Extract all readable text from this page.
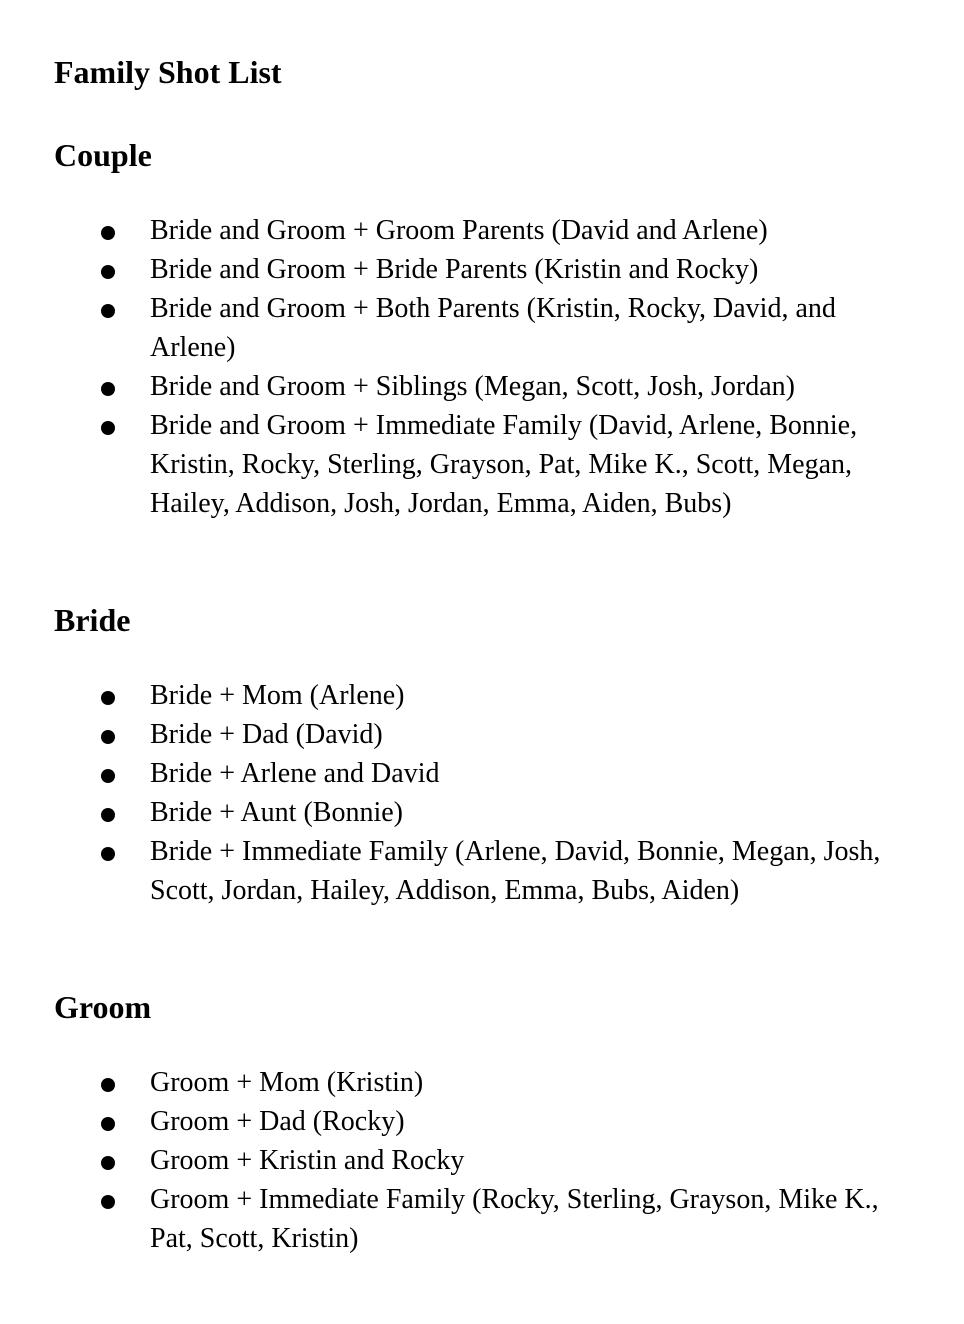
Family Shot List
Couple
Bride and Groom + Groom Parents (David and Arlene)
Bride and Groom + Bride Parents (Kristin and Rocky)
Bride and Groom + Both Parents (Kristin, Rocky, David, and Arlene)
Bride and Groom + Siblings (Megan, Scott, Josh, Jordan)
Bride and Groom + Immediate Family (David, Arlene, Bonnie, Kristin, Rocky, Sterling, Grayson, Pat, Mike K., Scott, Megan, Hailey, Addison, Josh, Jordan, Emma, Aiden, Bubs)
Bride
Bride + Mom (Arlene)
Bride + Dad (David)
Bride + Arlene and David
Bride + Aunt (Bonnie)
Bride + Immediate Family (Arlene, David, Bonnie, Megan, Josh, Scott, Jordan, Hailey, Addison, Emma, Bubs, Aiden)
Groom
Groom + Mom (Kristin)
Groom + Dad (Rocky)
Groom + Kristin and Rocky
Groom + Immediate Family (Rocky, Sterling, Grayson, Mike K., Pat, Scott, Kristin)
